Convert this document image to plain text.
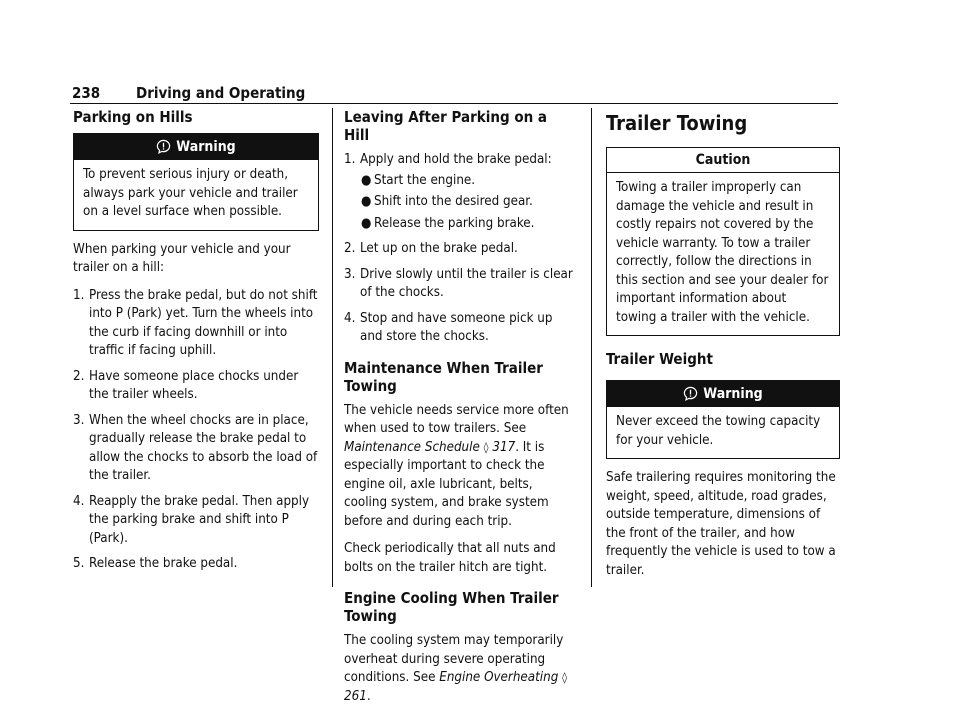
238 Driving and Operating
Parking on Hills
Warning
To prevent serious injury or death, always park your vehicle and trailer on a level surface when possible.

When parking your vehicle and your trailer on a hill:

1. Press the brake pedal, but do not shift into P (Park) yet. Turn the wheels into the curb if facing downhill or into traffic if facing uphill.
2. Have someone place chocks under the trailer wheels.
3. When the wheel chocks are in place, gradually release the brake pedal to allow the chocks to absorb the load of the trailer.
4. Reapply the brake pedal. Then apply the parking brake and shift into P (Park).
5. Release the brake pedal.
Leaving After Parking on a Hill
1. Apply and hold the brake pedal:
● Start the engine.
● Shift into the desired gear.
● Release the parking brake.
2. Let up on the brake pedal.
3. Drive slowly until the trailer is clear of the chocks.
4. Stop and have someone pick up and store the chocks.
Maintenance When Trailer Towing

The vehicle needs service more often when used to tow trailers. See Maintenance Schedule ◊ 317. It is especially important to check the engine oil, axle lubricant, belts, cooling system, and brake system before and during each trip.

Check periodically that all nuts and bolts on the trailer hitch are tight.

Engine Cooling When Trailer Towing

The cooling system may temporarily overheat during severe operating conditions. See Engine Overheating ◊ 261.

Trailer Towing
Caution
Towing a trailer improperly can damage the vehicle and result in costly repairs not covered by the vehicle warranty. To tow a trailer correctly, follow the directions in this section and see your dealer for important information about towing a trailer with the vehicle.
Trailer Weight
Warning
Never exceed the towing capacity for your vehicle.

Safe trailering requires monitoring the weight, speed, altitude, road grades, outside temperature, dimensions of the front of the trailer, and how frequently the vehicle is used to tow a trailer.
